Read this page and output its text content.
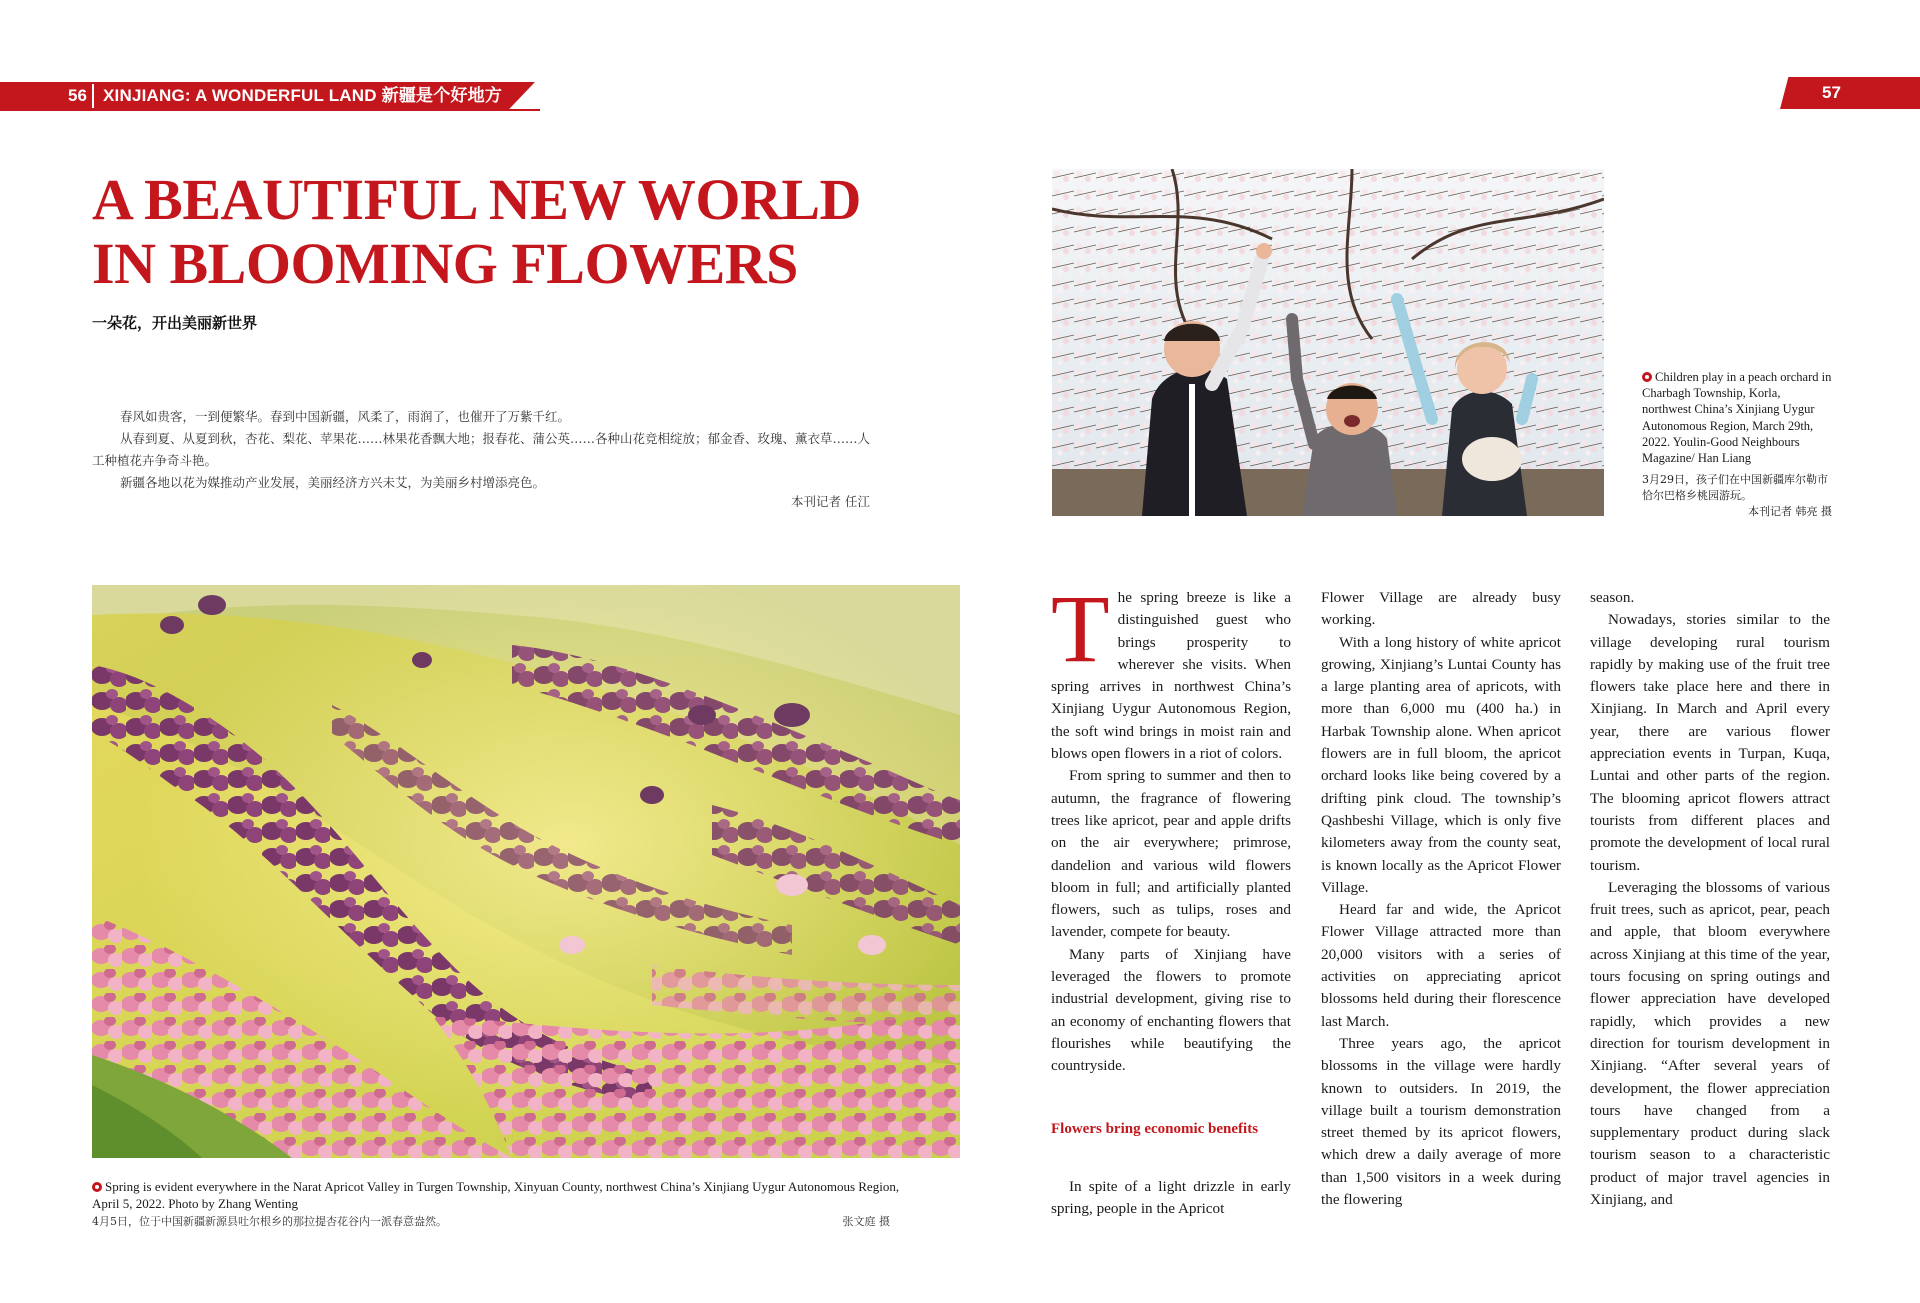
56 XINJIANG: A WONDERFUL LAND 新疆是个好地方	57
A BEAUTIFUL NEW WORLD
IN BLOOMING FLOWERS
一朵花，开出美丽新世界

春风如贵客，一到便繁华。春到中国新疆，风柔了，雨润了，也催开了万紫千红。

从春到夏、从夏到秋，杏花、梨花、苹果花……林果花香飘大地；报春花、蒲公英……各种山花竞相绽放；郁金香、玫瑰、薰衣草……人工种植花卉争奇斗艳。

新疆各地以花为媒推动产业发展，美丽经济方兴未艾，为美丽乡村增添亮色。

本刊记者 任江
Children play in a peach orchard in Charbagh Township, Korla, northwest China’s Xinjiang Uygur Autonomous Region, March 29th, 2022. Youlin-Good Neighbours Magazine/ Han Liang
3月29日，孩子们在中国新疆库尔勒市恰尔巴格乡桃园游玩。
本刊记者 韩亮 摄
Spring is evident everywhere in the Narat Apricot Valley in Turgen Township, Xinyuan County, northwest China’s Xinjiang Uygur Autonomous Region, April 5, 2022. Photo by Zhang Wenting
4月5日，位于中国新疆新源县吐尔根乡的那拉提杏花谷内一派春意盎然。	张文庭 摄

The spring breeze is like a distinguished guest who brings prosperity to wherever she visits. When spring arrives in northwest China’s Xinjiang Uygur Autonomous Region, the soft wind brings in moist rain and blows open flowers in a riot of colors.

From spring to summer and then to autumn, the fragrance of flowering trees like apricot, pear and apple drifts on the air everywhere; primrose, dandelion and various wild flowers bloom in full; and artificially planted flowers, such as tulips, roses and lavender, compete for beauty.

Many parts of Xinjiang have leveraged the flowers to promote industrial development, giving rise to an economy of enchanting flowers that flourishes while beautifying the countryside.

Flowers bring economic benefits

In spite of a light drizzle in early spring, people in the Apricot

Flower Village are already busy working.

With a long history of white apricot growing, Xinjiang’s Luntai County has a large planting area of apricots, with more than 6,000 mu (400 ha.) in Harbak Township alone. When apricot flowers are in full bloom, the apricot orchard looks like being covered by a drifting pink cloud. The township’s Qashbeshi Village, which is only five kilometers away from the county seat, is known locally as the Apricot Flower Village.

Heard far and wide, the Apricot Flower Village attracted more than 20,000 visitors with a series of activities on appreciating apricot blossoms held during their florescence last March.

Three years ago, the apricot blossoms in the village were hardly known to outsiders. In 2019, the village built a tourism demonstration street themed by its apricot flowers, which drew a daily average of more than 1,500 visitors in a week during the flowering

season.

Nowadays, stories similar to the village developing rural tourism rapidly by making use of the fruit tree flowers take place here and there in Xinjiang. In March and April every year, there are various flower appreciation events in Turpan, Kuqa, Luntai and other parts of the region. The blooming apricot flowers attract tourists from different places and promote the development of local rural tourism.

Leveraging the blossoms of various fruit trees, such as apricot, pear, peach and apple, that bloom everywhere across Xinjiang at this time of the year, tours focusing on spring outings and flower appreciation have developed rapidly, which provides a new direction for tourism development in Xinjiang. “After several years of development, the flower appreciation tours have changed from a supplementary product during slack tourism season to a characteristic product of major travel agencies in Xinjiang, and
